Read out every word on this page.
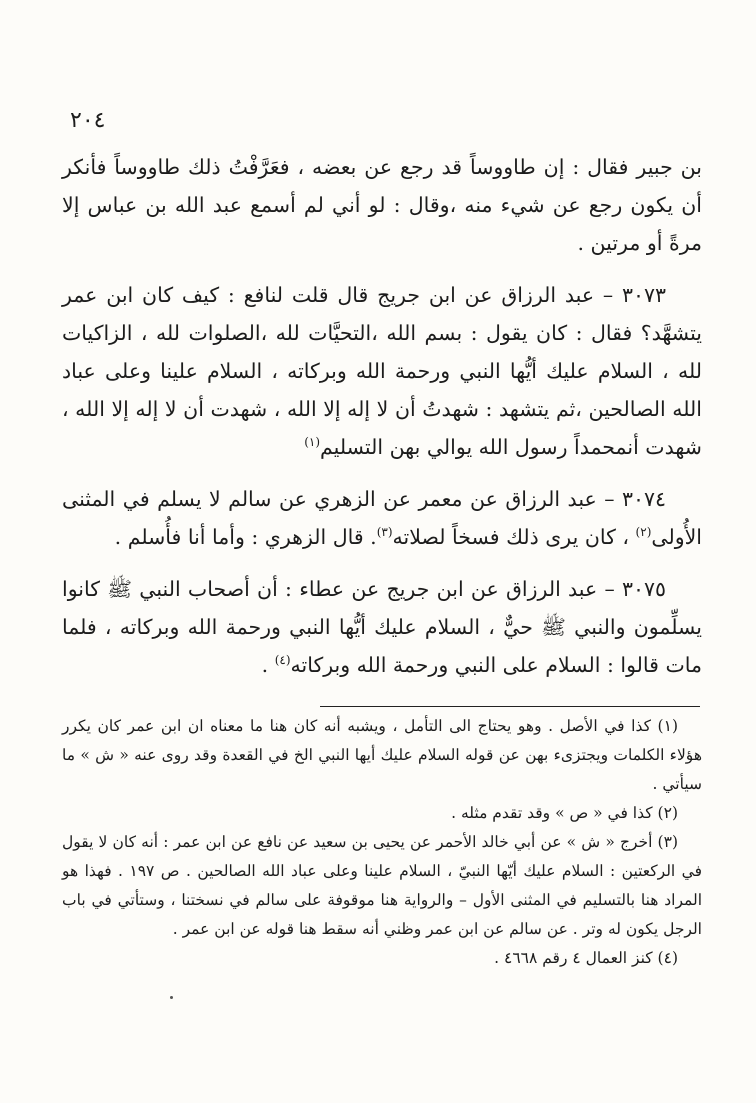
٢٠٤

بن جبير فقال : إن طاووساً قد رجع عن بعضه ، فعَرَّفْتُ ذلك طاووساً فأنكر أن يكون رجع عن شيء منه ،وقال : لو أني لم أسمع عبد الله بن عباس إلا مرةً أو مرتين .

٣٠٧٣ – عبد الرزاق عن ابن جريج قال قلت لنافع : كيف كان ابن عمر يتشهَّد؟ فقال : كان يقول : بسم الله ،التحيَّات لله ،الصلوات لله ، الزاكيات لله ، السلام عليك أيُّها النبي ورحمة الله وبركاته ، السلام علينا وعلى عباد الله الصالحين ،ثم يتشهد : شهدتُ أن لا إله إلا الله ، شهدت أن لا إله إلا الله ، شهدت أنمحمداً رسول الله يوالي بهن التسليم$^{(١)}$

٣٠٧٤ – عبد الرزاق عن معمر عن الزهري عن سالم لا يسلم في المثنى الأُولى$^{(٢)}$ ، كان يرى ذلك فسخاً لصلاته$^{(٣)}$. قال الزهري : وأما أنا فأُسلم .

٣٠٧٥ – عبد الرزاق عن ابن جريج عن عطاء : أن أصحاب النبي ﷺ كانوا يسلِّمون والنبي ﷺ حيٌّ ، السلام عليك أيُّها النبي ورحمة الله وبركاته ، فلما مات قالوا : السلام على النبي ورحمة الله وبركاته$^{(٤)}$ .

(١) كذا في الأصل . وهو يحتاج الى التأمل ، ويشبه أنه كان هنا ما معناه ان ابن عمر كان يكرر هؤلاء الكلمات ويجتزىء بهن عن قوله السلام عليك أيها النبي الخ في القعدة وقد روى عنه « ش » ما سيأتي .

(٢) كذا في « ص » وقد تقدم مثله .

(٣) أخرج « ش » عن أبي خالد الأحمر عن يحيى بن سعيد عن نافع عن ابن عمر : أنه كان لا يقول في الركعتين : السلام عليك أيّها النبيّ ، السلام علينا وعلى عباد الله الصالحين . ص ١٩٧ . فهذا هو المراد هنا بالتسليم في المثنى الأول – والرواية هنا موقوفة على سالم في نسختنا ، وستأتي في باب الرجل يكون له وتر . عن سالم عن ابن عمر وظني أنه سقط هنا قوله عن ابن عمر .

(٤) كنز العمال ٤ رقم ٤٦٦٨ .
